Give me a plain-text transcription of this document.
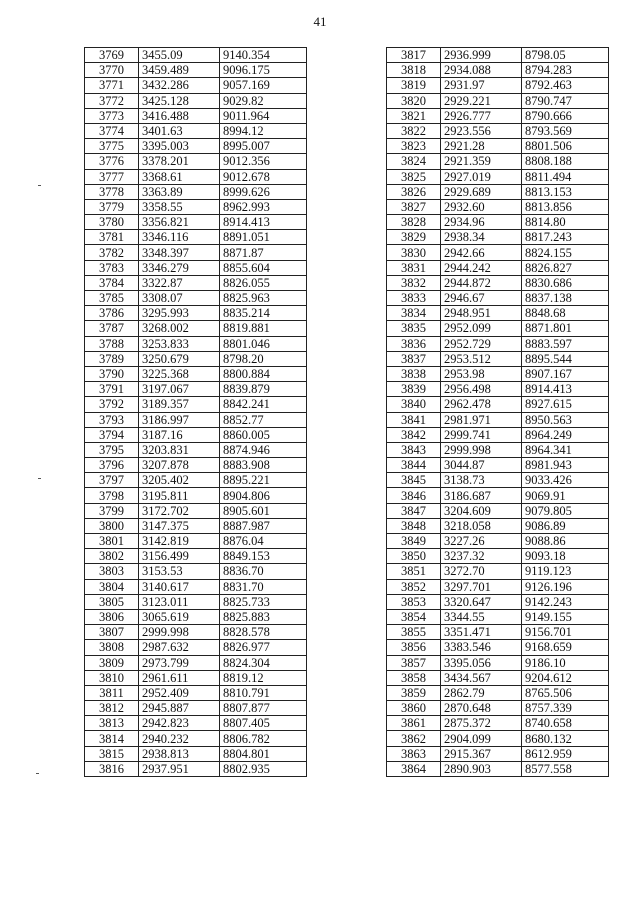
41
3769	3455.09	9140.354
3770	3459.489	9096.175
3771	3432.286	9057.169
3772	3425.128	9029.82
3773	3416.488	9011.964
3774	3401.63	8994.12
3775	3395.003	8995.007
3776	3378.201	9012.356
3777	3368.61	9012.678
3778	3363.89	8999.626
3779	3358.55	8962.993
3780	3356.821	8914.413
3781	3346.116	8891.051
3782	3348.397	8871.87
3783	3346.279	8855.604
3784	3322.87	8826.055
3785	3308.07	8825.963
3786	3295.993	8835.214
3787	3268.002	8819.881
3788	3253.833	8801.046
3789	3250.679	8798.20
3790	3225.368	8800.884
3791	3197.067	8839.879
3792	3189.357	8842.241
3793	3186.997	8852.77
3794	3187.16	8860.005
3795	3203.831	8874.946
3796	3207.878	8883.908
3797	3205.402	8895.221
3798	3195.811	8904.806
3799	3172.702	8905.601
3800	3147.375	8887.987
3801	3142.819	8876.04
3802	3156.499	8849.153
3803	3153.53	8836.70
3804	3140.617	8831.70
3805	3123.011	8825.733
3806	3065.619	8825.883
3807	2999.998	8828.578
3808	2987.632	8826.977
3809	2973.799	8824.304
3810	2961.611	8819.12
3811	2952.409	8810.791
3812	2945.887	8807.877
3813	2942.823	8807.405
3814	2940.232	8806.782
3815	2938.813	8804.801
3816	2937.951	8802.935
3817	2936.999	8798.05
3818	2934.088	8794.283
3819	2931.97	8792.463
3820	2929.221	8790.747
3821	2926.777	8790.666
3822	2923.556	8793.569
3823	2921.28	8801.506
3824	2921.359	8808.188
3825	2927.019	8811.494
3826	2929.689	8813.153
3827	2932.60	8813.856
3828	2934.96	8814.80
3829	2938.34	8817.243
3830	2942.66	8824.155
3831	2944.242	8826.827
3832	2944.872	8830.686
3833	2946.67	8837.138
3834	2948.951	8848.68
3835	2952.099	8871.801
3836	2952.729	8883.597
3837	2953.512	8895.544
3838	2953.98	8907.167
3839	2956.498	8914.413
3840	2962.478	8927.615
3841	2981.971	8950.563
3842	2999.741	8964.249
3843	2999.998	8964.341
3844	3044.87	8981.943
3845	3138.73	9033.426
3846	3186.687	9069.91
3847	3204.609	9079.805
3848	3218.058	9086.89
3849	3227.26	9088.86
3850	3237.32	9093.18
3851	3272.70	9119.123
3852	3297.701	9126.196
3853	3320.647	9142.243
3854	3344.55	9149.155
3855	3351.471	9156.701
3856	3383.546	9168.659
3857	3395.056	9186.10
3858	3434.567	9204.612
3859	2862.79	8765.506
3860	2870.648	8757.339
3861	2875.372	8740.658
3862	2904.099	8680.132
3863	2915.367	8612.959
3864	2890.903	8577.558
